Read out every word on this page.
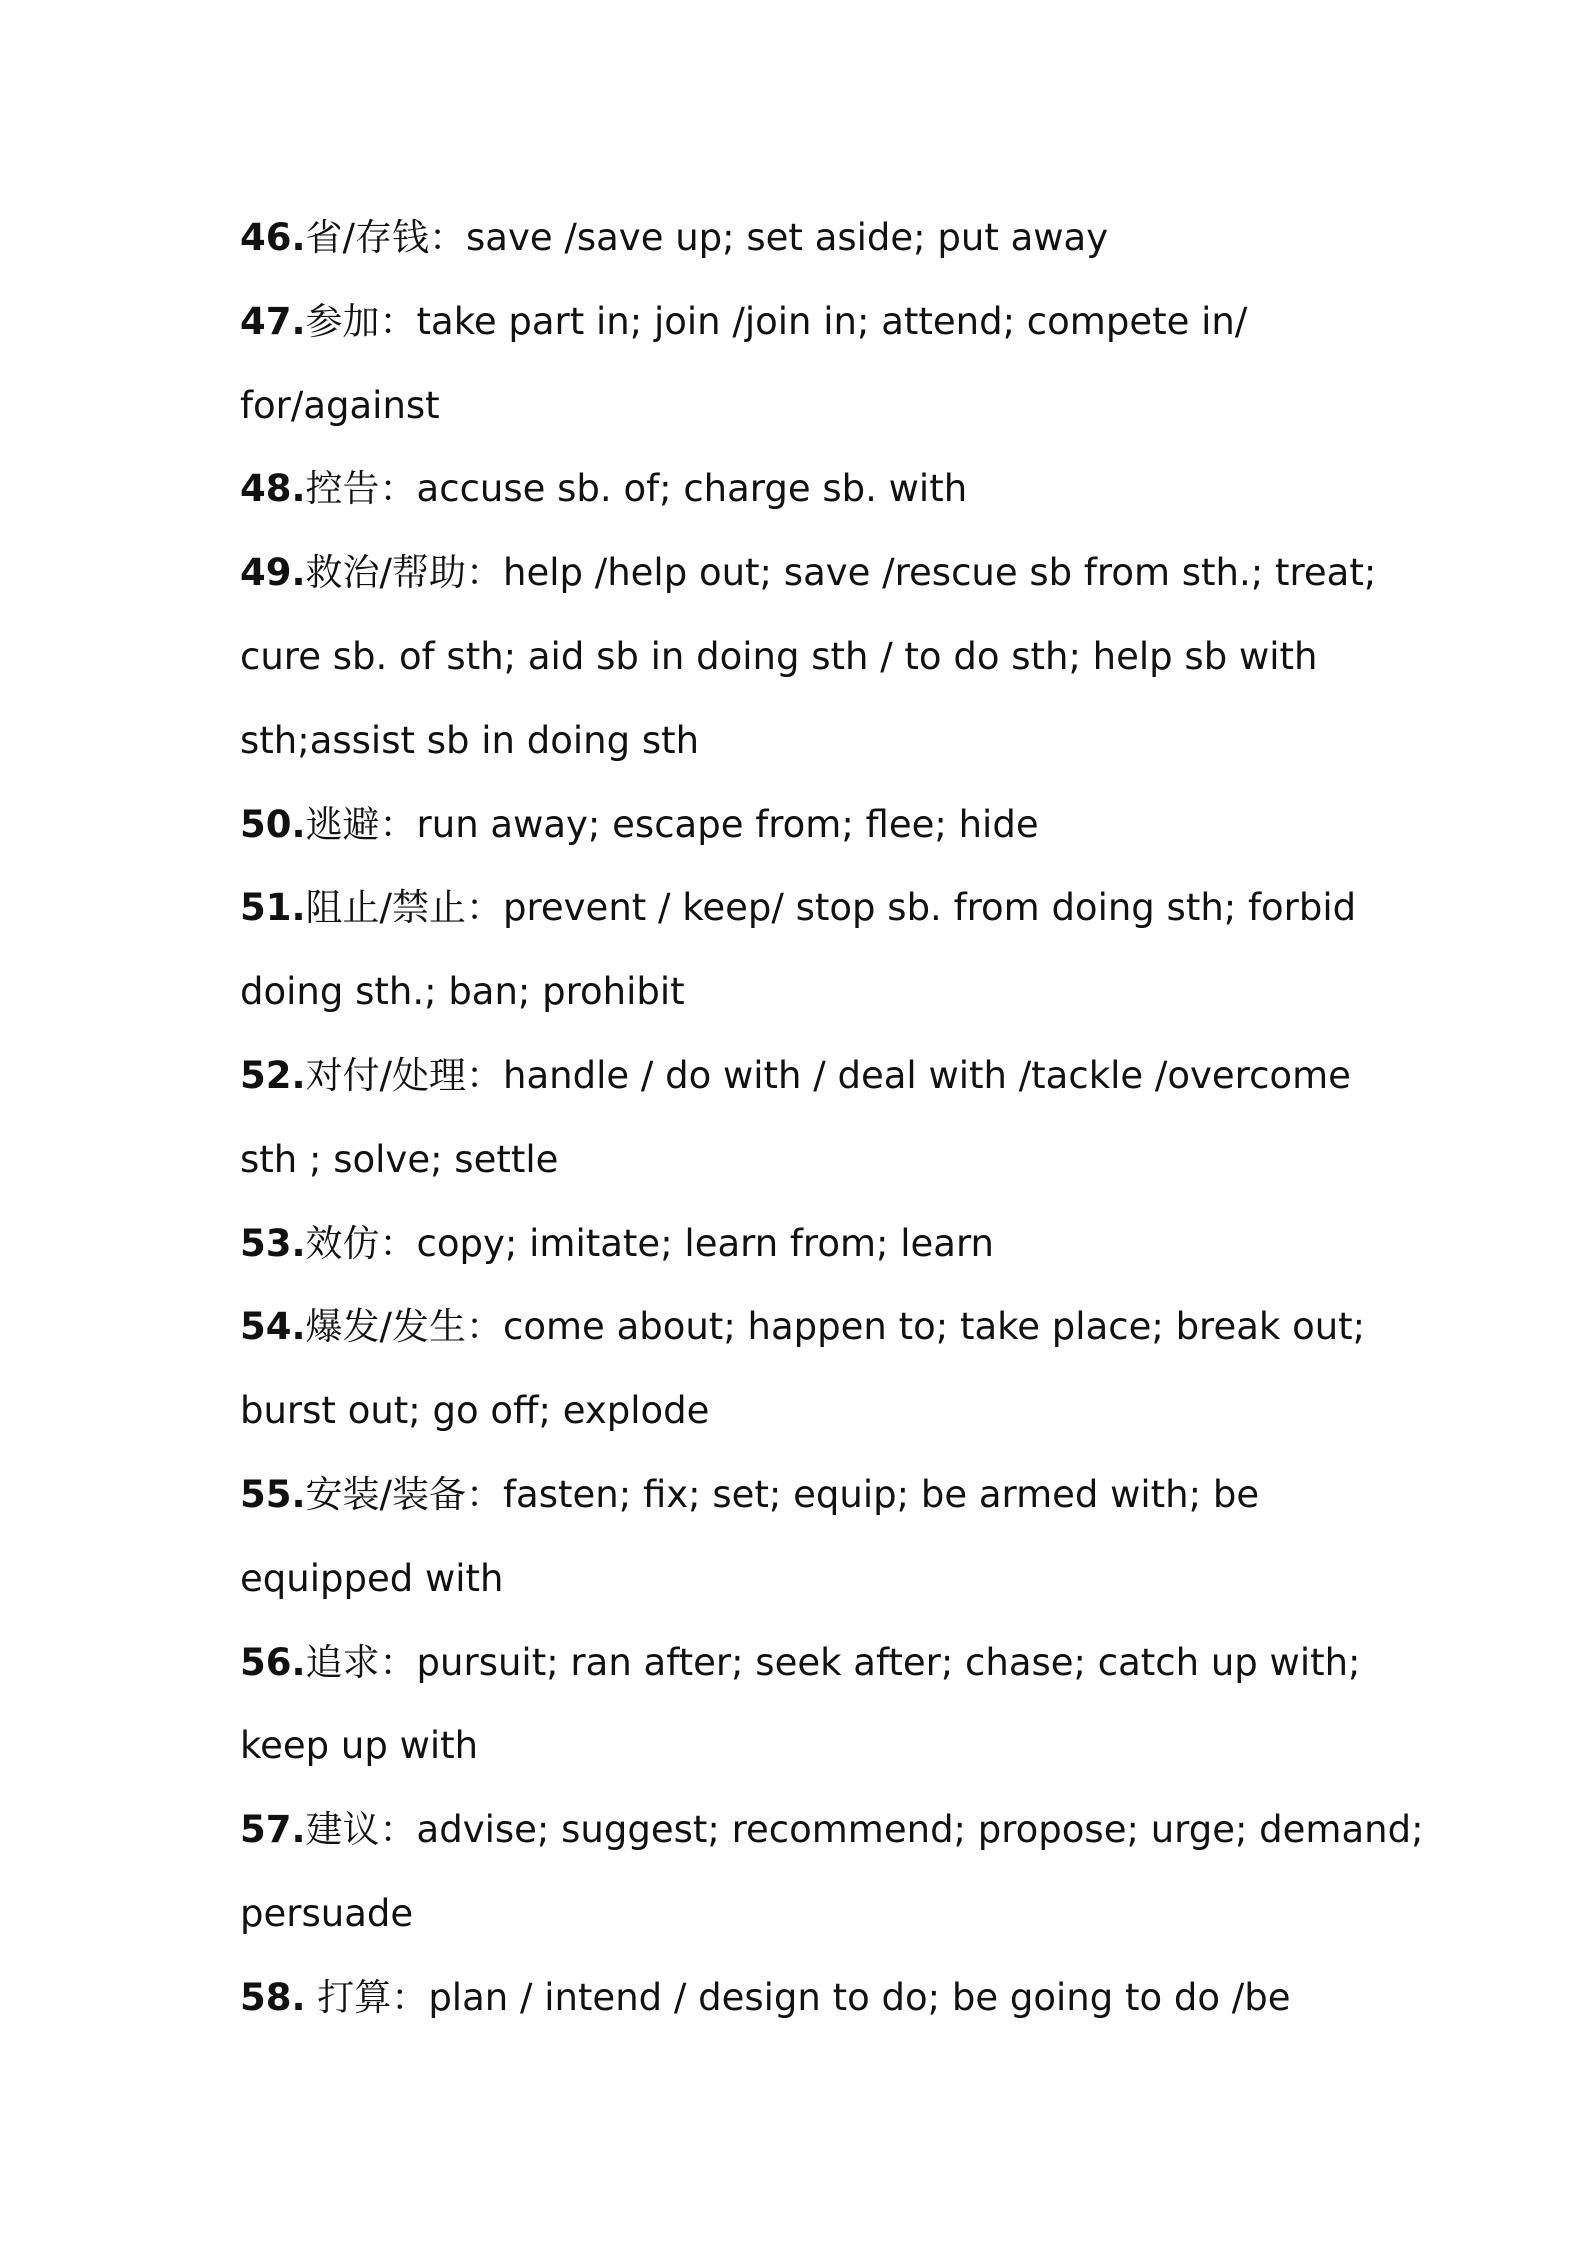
46.省/存钱：save /save up; set aside; put away
47.参加：take part in; join /join in; attend; compete in/
for/against
48.控告：accuse sb. of; charge sb. with
49.救治/帮助：help /help out; save /rescue sb from sth.; treat;
cure sb. of sth; aid sb in doing sth / to do sth; help sb with
sth;assist sb in doing sth
50.逃避：run away; escape from; flee; hide
51.阻止/禁止：prevent / keep/ stop sb. from doing sth; forbid
doing sth.; ban; prohibit
52.对付/处理：handle / do with / deal with /tackle /overcome
sth ; solve; settle
53.效仿：copy; imitate; learn from; learn
54.爆发/发生：come about; happen to; take place; break out;
burst out; go off; explode
55.安装/装备：fasten; fix; set; equip; be armed with; be
equipped with
56.追求：pursuit; ran after; seek after; chase; catch up with;
keep up with
57.建议：advise; suggest; recommend; propose; urge; demand;
persuade
58. 打算：plan / intend / design to do; be going to do /be
